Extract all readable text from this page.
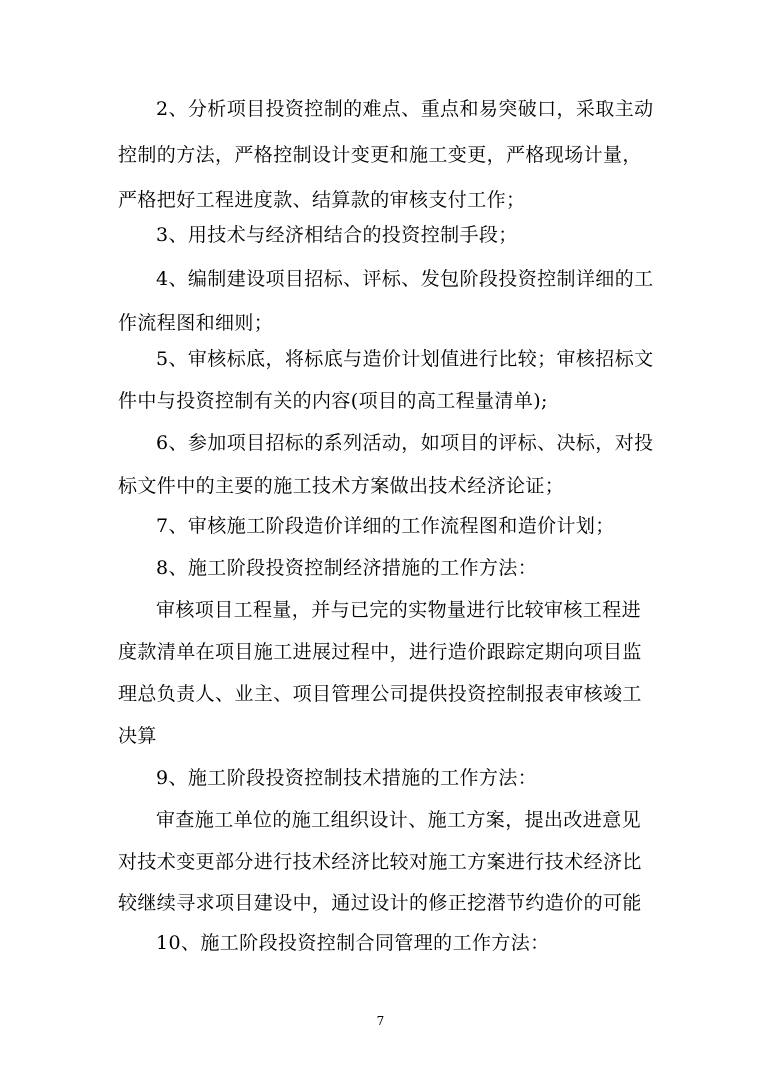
2、分析项目投资控制的难点、重点和易突破口，采取主动
控制的方法，严格控制设计变更和施工变更，严格现场计量，
严格把好工程进度款、结算款的审核支付工作；
3、用技术与经济相结合的投资控制手段；
4、编制建设项目招标、评标、发包阶段投资控制详细的工
作流程图和细则；
5、审核标底，将标底与造价计划值进行比较；审核招标文
件中与投资控制有关的内容(项目的高工程量清单);
6、参加项目招标的系列活动，如项目的评标、决标，对投
标文件中的主要的施工技术方案做出技术经济论证；
7、审核施工阶段造价详细的工作流程图和造价计划；
8、施工阶段投资控制经济措施的工作方法：
审核项目工程量，并与已完的实物量进行比较审核工程进
度款清单在项目施工进展过程中，进行造价跟踪定期向项目监
理总负责人、业主、项目管理公司提供投资控制报表审核竣工
决算
9、施工阶段投资控制技术措施的工作方法：
审查施工单位的施工组织设计、施工方案，提出改进意见
对技术变更部分进行技术经济比较对施工方案进行技术经济比
较继续寻求项目建设中，通过设计的修正挖潜节约造价的可能
10、施工阶段投资控制合同管理的工作方法：
7
